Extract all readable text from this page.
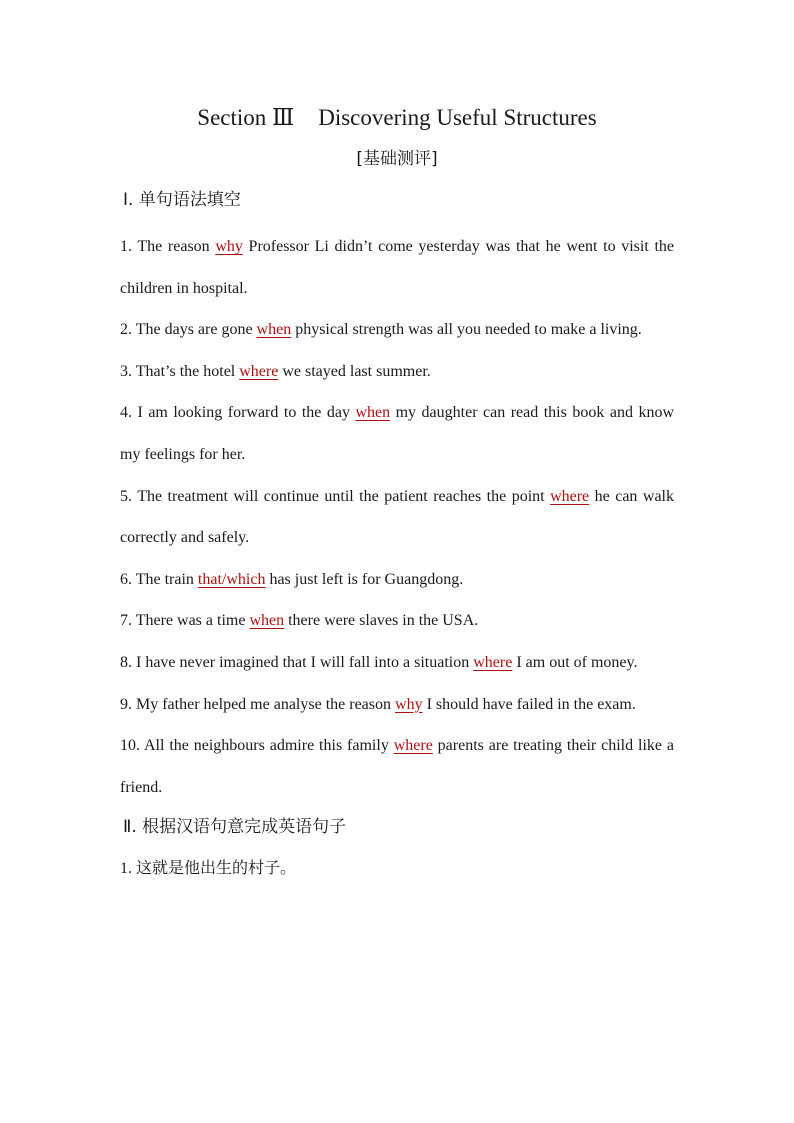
Section Ⅲ Discovering Useful Structures
[基础测评]
Ⅰ. 单句语法填空

1. The reason why Professor Li didn’t come yesterday was that he went to visit the children in hospital.

2. The days are gone when physical strength was all you needed to make a living.

3. That’s the hotel where we stayed last summer.

4. I am looking forward to the day when my daughter can read this book and know my feelings for her.

5. The treatment will continue until the patient reaches the point where he can walk correctly and safely.

6. The train that/which has just left is for Guangdong.

7. There was a time when there were slaves in the USA.

8. I have never imagined that I will fall into a situation where I am out of money.

9. My father helped me analyse the reason why I should have failed in the exam.

10. All the neighbours admire this family where parents are treating their child like a friend.

Ⅱ. 根据汉语句意完成英语句子

1. 这就是他出生的村子。
